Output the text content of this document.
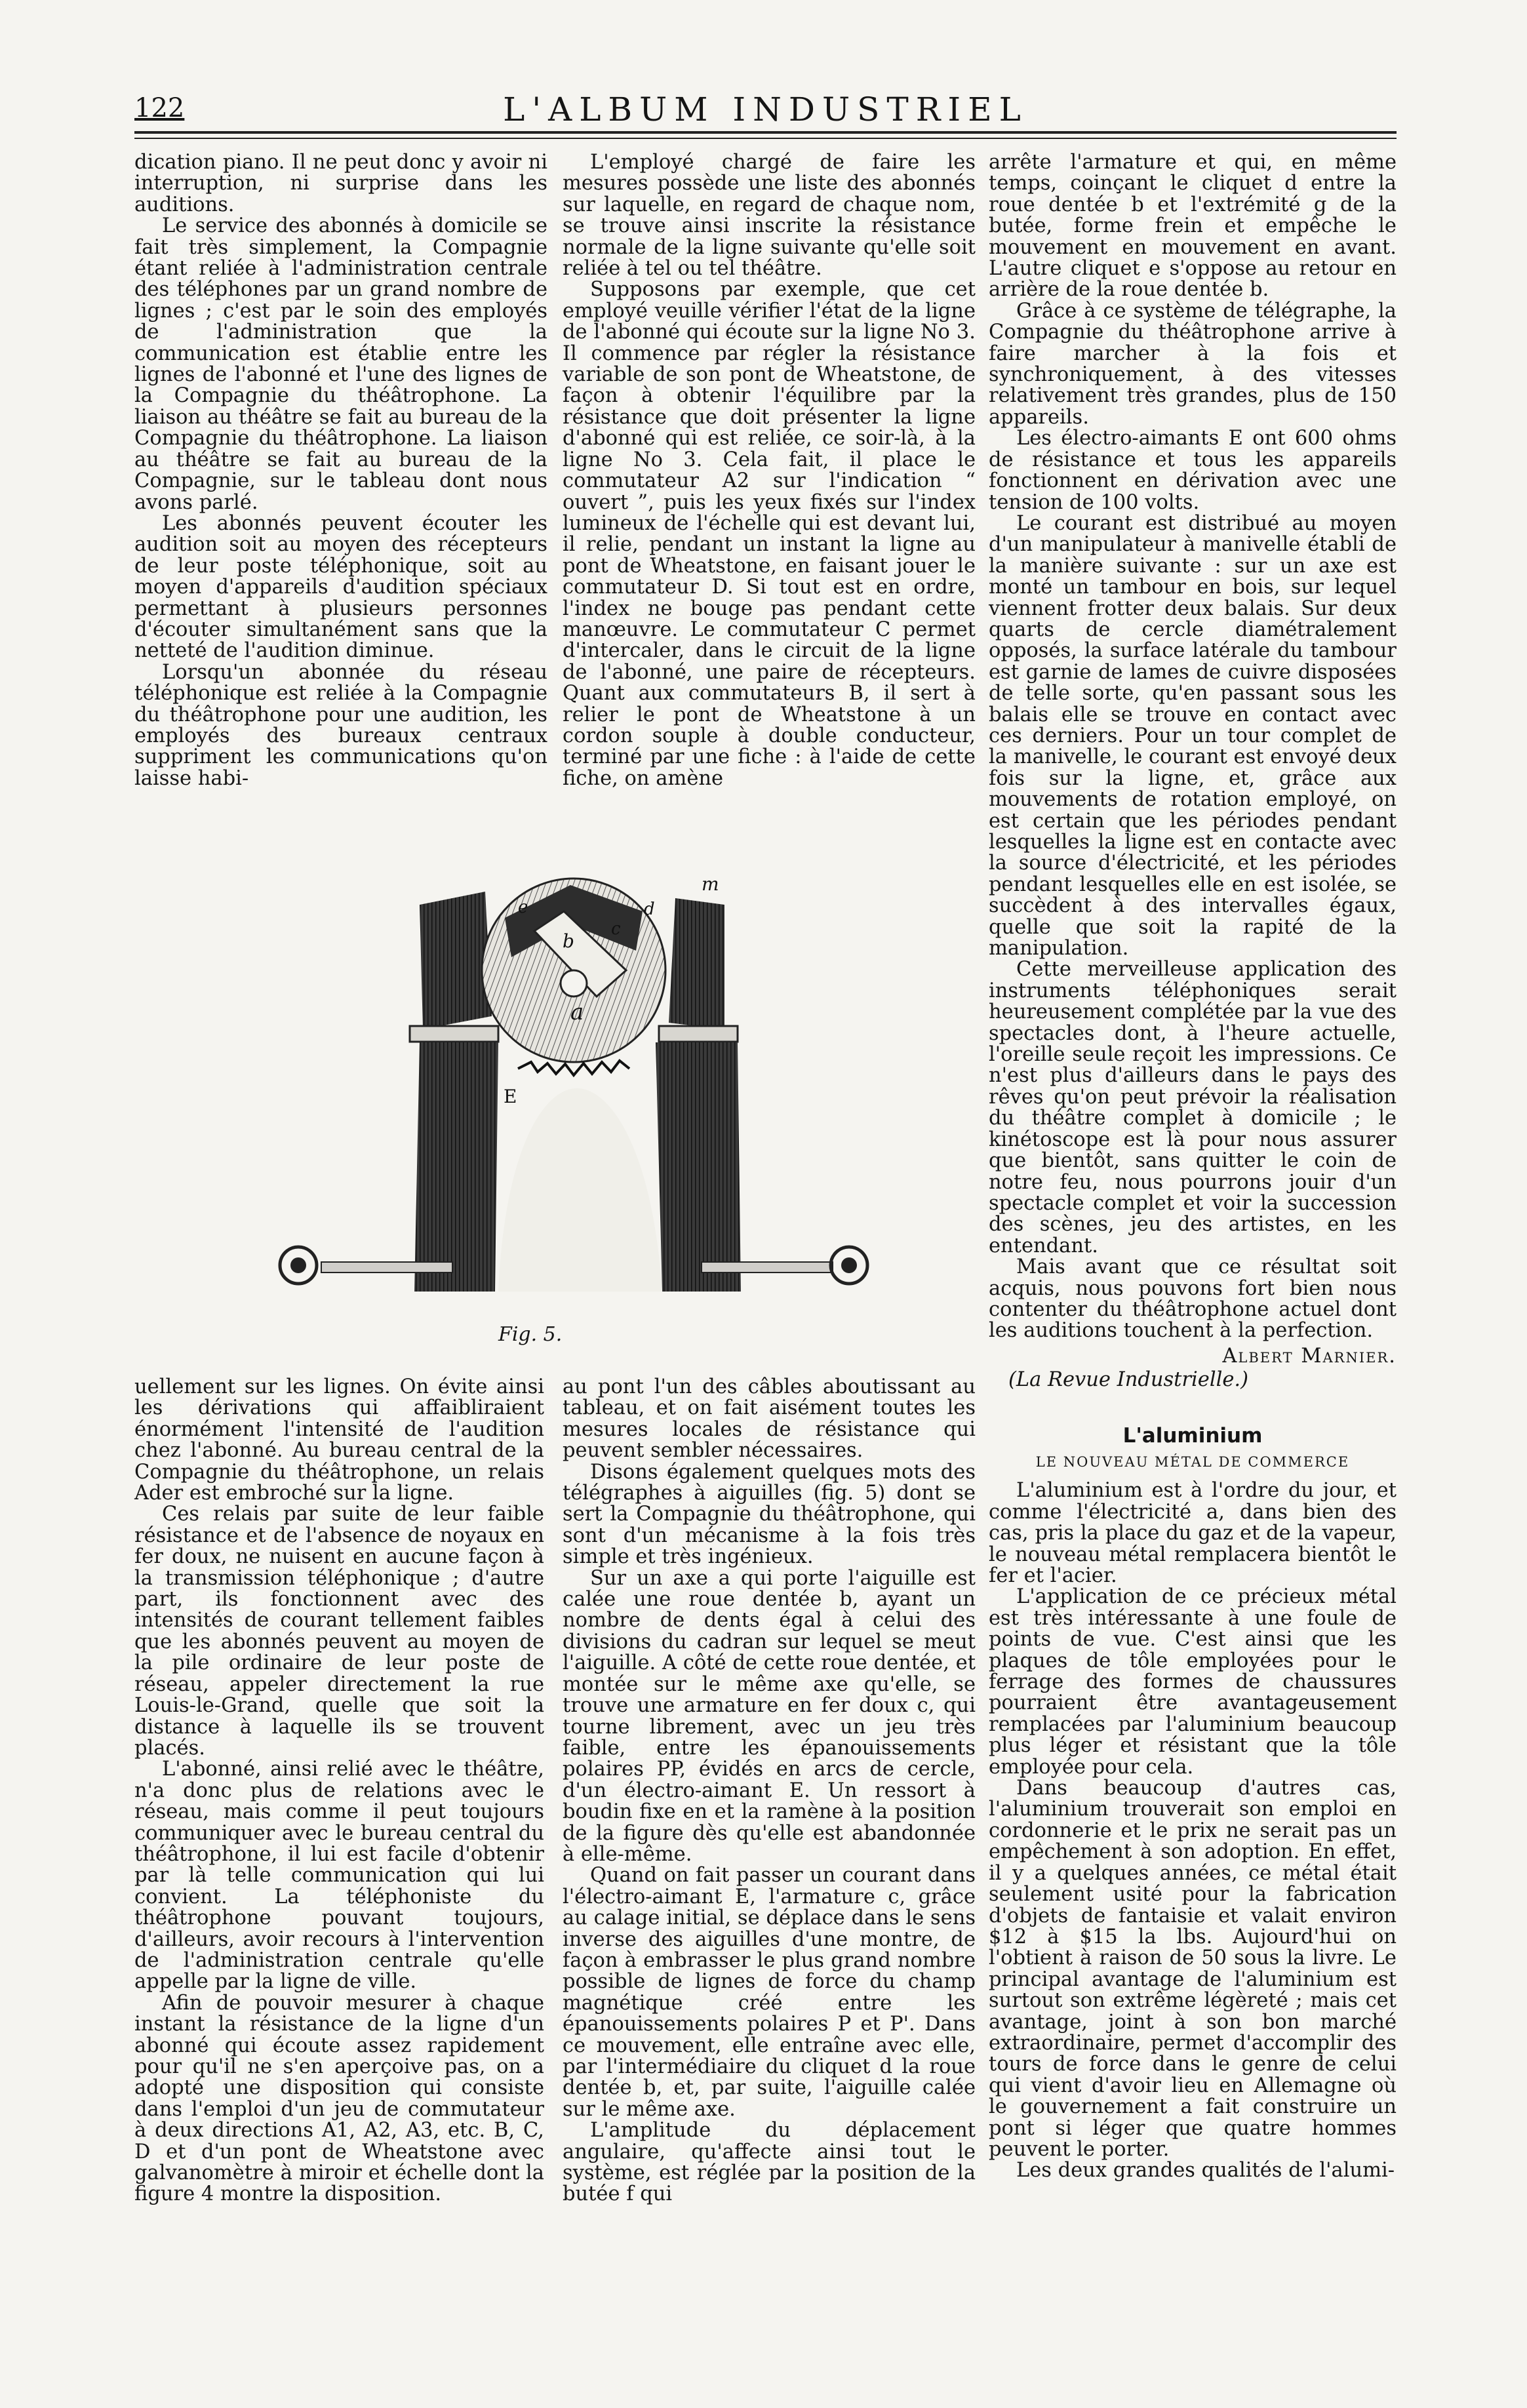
122	L'ALBUM INDUSTRIEL

dication piano. Il ne peut donc y avoir ni interruption, ni surprise dans les auditions.

Le service des abonnés à domicile se fait très simplement, la Compagnie étant reliée à l'administration centrale des téléphones par un grand nombre de lignes ; c'est par le soin des employés de l'administration que la communication est établie entre les lignes de l'abonné et l'une des lignes de la Compagnie du théâtrophone. La liaison au théâtre se fait au bureau de la Compagnie du théâtrophone. La liaison au théâtre se fait au bureau de la Compagnie, sur le tableau dont nous avons parlé.

Les abonnés peuvent écouter les audition soit au moyen des récepteurs de leur poste téléphonique, soit au moyen d'appareils d'audition spéciaux permettant à plusieurs personnes d'écouter simultanément sans que la netteté de l'audition diminue.

Lorsqu'un abonnée du réseau téléphonique est reliée à la Compagnie du théâtrophone pour une audition, les employés des bureaux centraux suppriment les communications qu'on laisse habi-

L'employé chargé de faire les mesures possède une liste des abonnés sur laquelle, en regard de chaque nom, se trouve ainsi inscrite la résistance normale de la ligne suivante qu'elle soit reliée à tel ou tel théâtre.

Supposons par exemple, que cet employé veuille vérifier l'état de la ligne de l'abonné qui écoute sur la ligne No 3. Il commence par régler la résistance variable de son pont de Wheatstone, de façon à obtenir l'équilibre par la résistance que doit présenter la ligne d'abonné qui est reliée, ce soir-là, à la ligne No 3. Cela fait, il place le commutateur A2 sur l'indication “ ouvert ”, puis les yeux fixés sur l'index lumineux de l'échelle qui est devant lui, il relie, pendant un instant la ligne au pont de Wheatstone, en faisant jouer le commutateur D. Si tout est en ordre, l'index ne bouge pas pendant cette manœuvre. Le commutateur C permet d'intercaler, dans le circuit de la ligne de l'abonné, une paire de récepteurs. Quant aux commutateurs B, il sert à relier le pont de Wheatstone à un cordon souple à double conducteur, terminé par une fiche : à l'aide de cette fiche, on amène

arrête l'armature et qui, en même temps, coinçant le cliquet d entre la roue dentée b et l'extrémité g de la butée, forme frein et empêche le mouvement en mouvement en avant. L'autre cliquet e s'oppose au retour en arrière de la roue dentée b.

Grâce à ce système de télégraphe, la Compagnie du théâtrophone arrive à faire marcher à la fois et synchroniquement, à des vitesses relativement très grandes, plus de 150 appareils.

Les électro-aimants E ont 600 ohms de résistance et tous les appareils fonctionnent en dérivation avec une tension de 100 volts.

Le courant est distribué au moyen d'un manipulateur à manivelle établi de la manière suivante : sur un axe est monté un tambour en bois, sur lequel viennent frotter deux balais. Sur deux quarts de cercle diamétralement opposés, la surface latérale du tambour est garnie de lames de cuivre disposées de telle sorte, qu'en passant sous les balais elle se trouve en contact avec ces derniers. Pour un tour complet de la manivelle, le courant est envoyé deux fois sur la ligne, et, grâce aux mouvements de rotation employé, on est certain que les périodes pendant lesquelles la ligne est en contacte avec la source d'électricité, et les périodes pendant lesquelles elle en est isolée, se succèdent à des intervalles égaux, quelle que soit la rapité de la manipulation.

Cette merveilleuse application des instruments téléphoniques serait heureusement complétée par la vue des spectacles dont, à l'heure actuelle, l'oreille seule reçoit les impressions. Ce n'est plus d'ailleurs dans le pays des rêves qu'on peut prévoir la réalisation du théâtre complet à domicile ; le kinétoscope est là pour nous assurer que bientôt, sans quitter le coin de notre feu, nous pourrons jouir d'un spectacle complet et voir la succession des scènes, jeu des artistes, en les entendant.

Mais avant que ce résultat soit acquis, nous pouvons fort bien nous contenter du théâtrophone actuel dont les auditions touchent à la perfection.

Albert Marnier.

(La Revue Industrielle.)

L'aluminium

LE NOUVEAU MÉTAL DE COMMERCE

L'aluminium est à l'ordre du jour, et comme l'électricité a, dans bien des cas, pris la place du gaz et de la vapeur, le nouveau métal remplacera bientôt le fer et l'acier.

L'application de ce précieux métal est très intéressante à une foule de points de vue. C'est ainsi que les plaques de tôle employées pour le ferrage des formes de chaussures pourraient être avantageusement remplacées par l'aluminium beaucoup plus léger et résistant que la tôle employée pour cela.

Dans beaucoup d'autres cas, l'aluminium trouverait son emploi en cordonnerie et le prix ne serait pas un empêchement à son adoption. En effet, il y a quelques années, ce métal était seulement usité pour la fabrication d'objets de fantaisie et valait environ $12 à $15 la lbs. Aujourd'hui on l'obtient à raison de 50 sous la livre. Le principal avantage de l'aluminium est surtout son extrême légèreté ; mais cet avantage, joint à son bon marché extraordinaire, permet d'accomplir des tours de force dans le genre de celui qui vient d'avoir lieu en Allemagne où le gouvernement a fait construire un pont si léger que quatre hommes peuvent le porter.

Les deux grandes qualités de l'alumi-

m
a
b
c
d
e
E
Fig. 5.

uellement sur les lignes. On évite ainsi les dérivations qui affaibliraient énormément l'intensité de l'audition chez l'abonné. Au bureau central de la Compagnie du théâtrophone, un relais Ader est embroché sur la ligne.

Ces relais par suite de leur faible résistance et de l'absence de noyaux en fer doux, ne nuisent en aucune façon à la transmission téléphonique ; d'autre part, ils fonctionnent avec des intensités de courant tellement faibles que les abonnés peuvent au moyen de la pile ordinaire de leur poste de réseau, appeler directement la rue Louis-le-Grand, quelle que soit la distance à laquelle ils se trouvent placés.

L'abonné, ainsi relié avec le théâtre, n'a donc plus de relations avec le réseau, mais comme il peut toujours communiquer avec le bureau central du théâtrophone, il lui est facile d'obtenir par là telle communication qui lui convient. La téléphoniste du théâtrophone pouvant toujours, d'ailleurs, avoir recours à l'intervention de l'administration centrale qu'elle appelle par la ligne de ville.

Afin de pouvoir mesurer à chaque instant la résistance de la ligne d'un abonné qui écoute assez rapidement pour qu'il ne s'en aperçoive pas, on a adopté une disposition qui consiste dans l'emploi d'un jeu de commutateur à deux directions A1, A2, A3, etc. B, C, D et d'un pont de Wheatstone avec galvanomètre à miroir et échelle dont la figure 4 montre la disposition.

au pont l'un des câbles aboutissant au tableau, et on fait aisément toutes les mesures locales de résistance qui peuvent sembler nécessaires.

Disons également quelques mots des télégraphes à aiguilles (fig. 5) dont se sert la Compagnie du théâtrophone, qui sont d'un mécanisme à la fois très simple et très ingénieux.

Sur un axe a qui porte l'aiguille est calée une roue dentée b, ayant un nombre de dents égal à celui des divisions du cadran sur lequel se meut l'aiguille. A côté de cette roue dentée, et montée sur le même axe qu'elle, se trouve une armature en fer doux c, qui tourne librement, avec un jeu très faible, entre les épanouissements polaires PP, évidés en arcs de cercle, d'un électro-aimant E. Un ressort à boudin fixe en et la ramène à la position de la figure dès qu'elle est abandonnée à elle-même.

Quand on fait passer un courant dans l'électro-aimant E, l'armature c, grâce au calage initial, se déplace dans le sens inverse des aiguilles d'une montre, de façon à embrasser le plus grand nombre possible de lignes de force du champ magnétique créé entre les épanouissements polaires P et P'. Dans ce mouvement, elle entraîne avec elle, par l'intermédiaire du cliquet d la roue dentée b, et, par suite, l'aiguille calée sur le même axe.

L'amplitude du déplacement angulaire, qu'affecte ainsi tout le système, est réglée par la position de la butée f qui
